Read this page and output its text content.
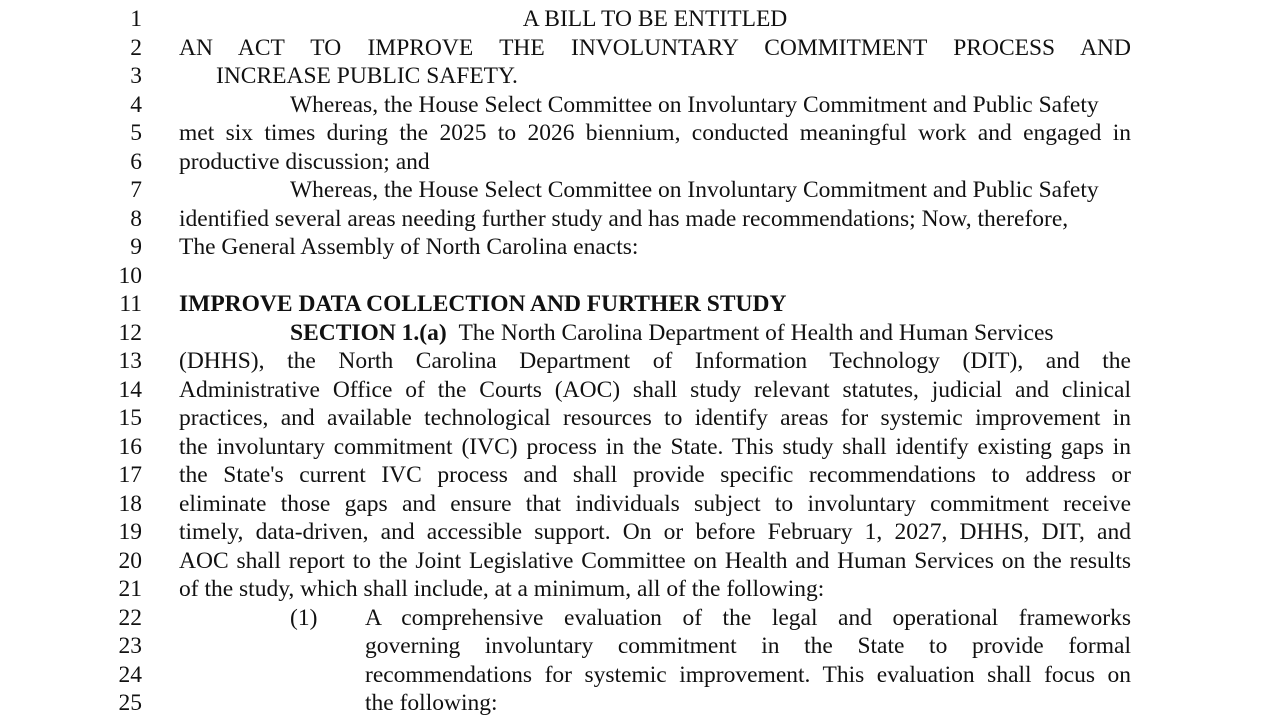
1	A BILL TO BE ENTITLED
2 AN ACT TO IMPROVE THE INVOLUNTARY COMMITMENT PROCESS AND
3	INCREASE PUBLIC SAFETY.
4	Whereas, the House Select Committee on Involuntary Commitment and Public Safety
5 met six times during the 2025 to 2026 biennium, conducted meaningful work and engaged in
6 productive discussion; and
7	Whereas, the House Select Committee on Involuntary Commitment and Public Safety
8 identified several areas needing further study and has made recommendations; Now, therefore,
9 The General Assembly of North Carolina enacts:
10
11 IMPROVE DATA COLLECTION AND FURTHER STUDY
12	SECTION 1.(a) The North Carolina Department of Health and Human Services
13 (DHHS), the North Carolina Department of Information Technology (DIT), and the
14 Administrative Office of the Courts (AOC) shall study relevant statutes, judicial and clinical
15 practices, and available technological resources to identify areas for systemic improvement in
16 the involuntary commitment (IVC) process in the State. This study shall identify existing gaps in
17 the State's current IVC process and shall provide specific recommendations to address or
18 eliminate those gaps and ensure that individuals subject to involuntary commitment receive
19 timely, data-driven, and accessible support. On or before February 1, 2027, DHHS, DIT, and
20 AOC shall report to the Joint Legislative Committee on Health and Human Services on the results
21 of the study, which shall include, at a minimum, all of the following:
22	(1)	A comprehensive evaluation of the legal and operational frameworks
23	governing involuntary commitment in the State to provide formal
24	recommendations for systemic improvement. This evaluation shall focus on
25	the following:
